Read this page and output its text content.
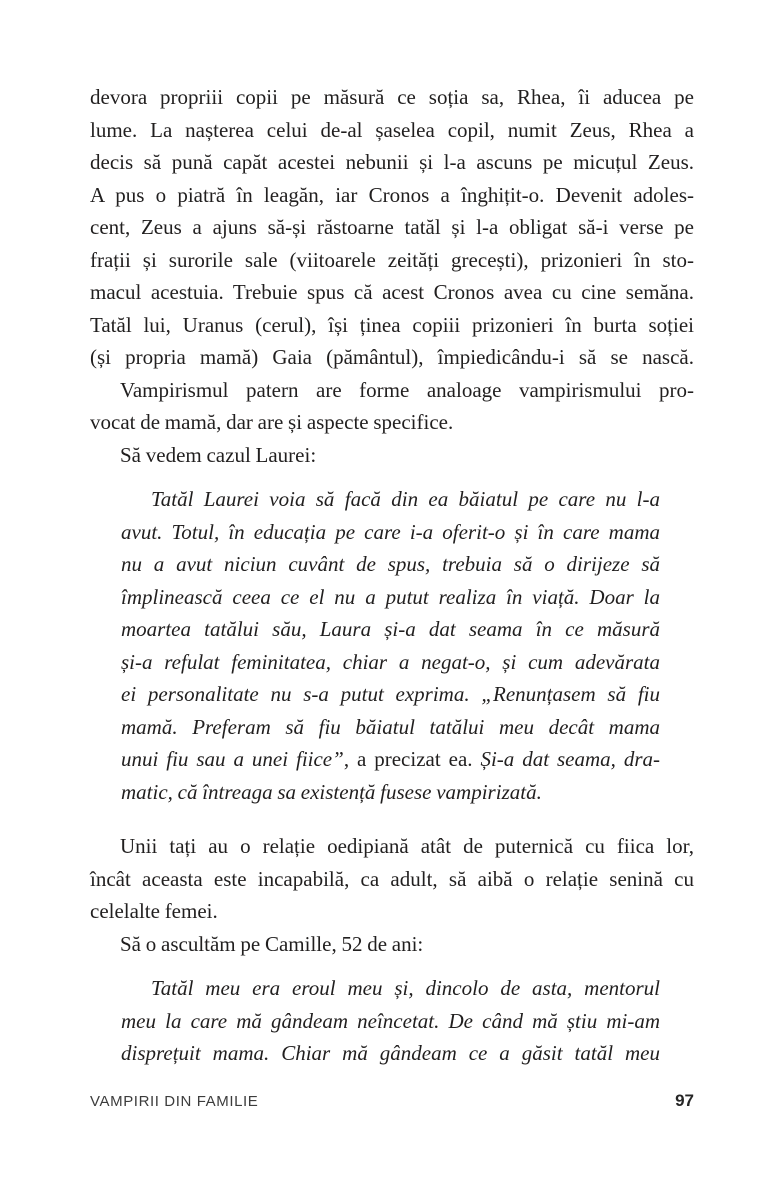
devora propriii copii pe măsură ce soția sa, Rhea, îi aducea pe
lume. La nașterea celui de-al șaselea copil, numit Zeus, Rhea a
decis să pună capăt acestei nebunii și l-a ascuns pe micuțul Zeus.
A pus o piatră în leagăn, iar Cronos a înghițit-o. Devenit adoles-
cent, Zeus a ajuns să-și răstoarne tatăl și l-a obligat să-i verse pe
frații și surorile sale (viitoarele zeități grecești), prizonieri în sto-
macul acestuia. Trebuie spus că acest Cronos avea cu cine semăna.
Tatăl lui, Uranus (cerul), își ținea copiii prizonieri în burta soției
(și propria mamă) Gaia (pământul), împiedicându-i să se nască.
Vampirismul patern are forme analoage vampirismului pro-
vocat de mamă, dar are și aspecte specifice.
Să vedem cazul Laurei:
Tatăl Laurei voia să facă din ea băiatul pe care nu l-a
avut. Totul, în educația pe care i-a oferit-o și în care mama
nu a avut niciun cuvânt de spus, trebuia să o dirijeze să
împlinească ceea ce el nu a putut realiza în viață. Doar la
moartea tatălui său, Laura și-a dat seama în ce măsură
și-a refulat feminitatea, chiar a negat-o, și cum adevărata
ei personalitate nu s-a putut exprima. „Renunțasem să fiu
mamă. Preferam să fiu băiatul tatălui meu decât mama
unui fiu sau a unei fiice”, a precizat ea. Și-a dat seama, dra-
matic, că întreaga sa existență fusese vampirizată.
Unii tați au o relație oedipiană atât de puternică cu fiica lor,
încât aceasta este incapabilă, ca adult, să aibă o relație senină cu
celelalte femei.
Să o ascultăm pe Camille, 52 de ani:
Tatăl meu era eroul meu și, dincolo de asta, mentorul
meu la care mă gândeam neîncetat. De când mă știu mi-am
disprețuit mama. Chiar mă gândeam ce a găsit tatăl meu
VAMPIRII DIN FAMILIE	97
